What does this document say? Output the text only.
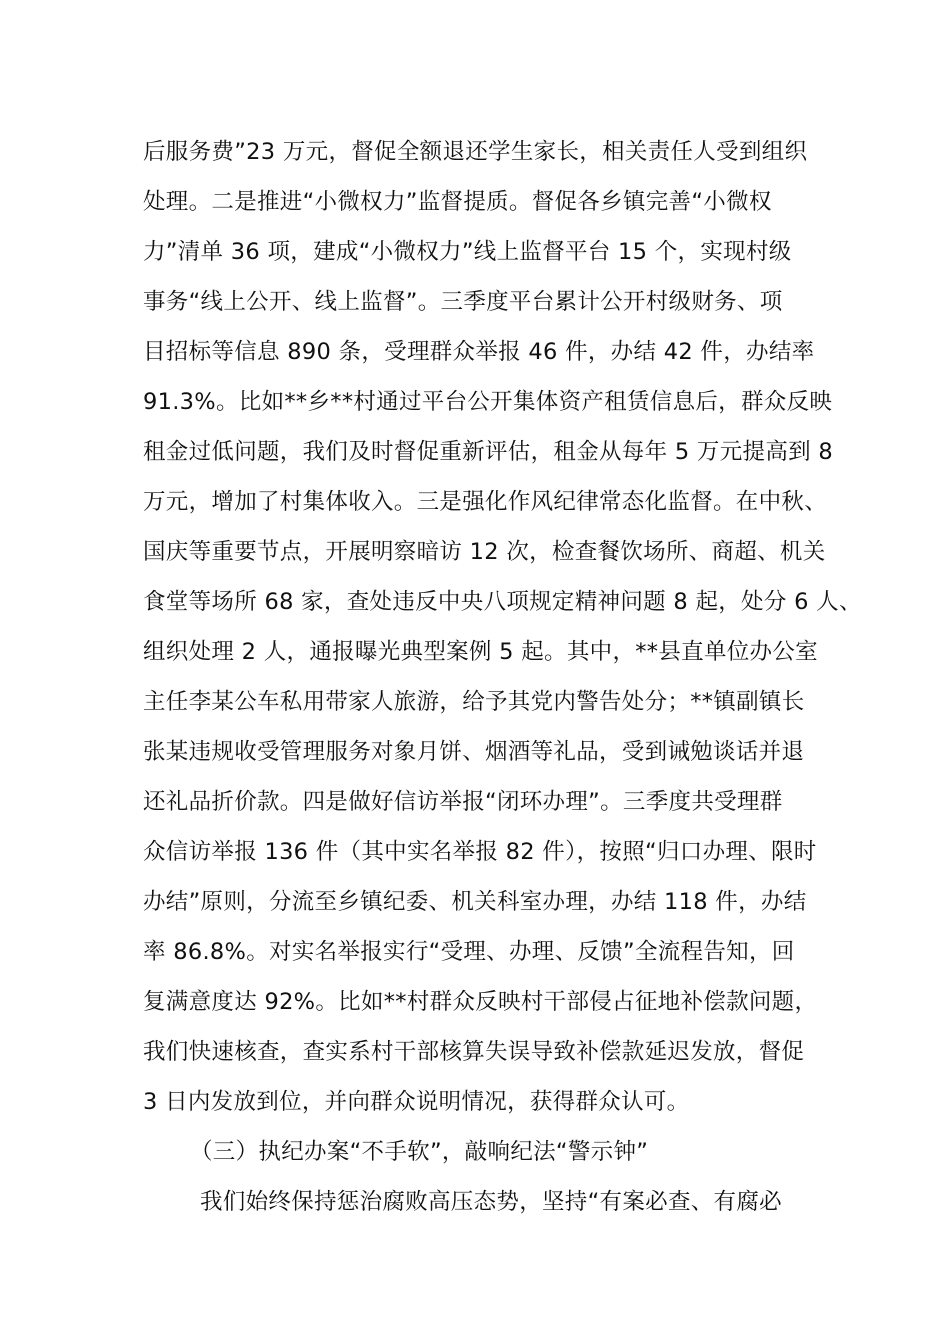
后服务费”23 万元，督促全额退还学生家长，相关责任人受到组织
处理。二是推进“小微权力”监督提质。督促各乡镇完善“小微权
力”清单 36 项，建成“小微权力”线上监督平台 15 个，实现村级
事务“线上公开、线上监督”。三季度平台累计公开村级财务、项
目招标等信息 890 条，受理群众举报 46 件，办结 42 件，办结率
91.3%。比如**乡**村通过平台公开集体资产租赁信息后，群众反映
租金过低问题，我们及时督促重新评估，租金从每年 5 万元提高到 8
万元，增加了村集体收入。三是强化作风纪律常态化监督。在中秋、
国庆等重要节点，开展明察暗访 12 次，检查餐饮场所、商超、机关
食堂等场所 68 家，查处违反中央八项规定精神问题 8 起，处分 6 人、
组织处理 2 人，通报曝光典型案例 5 起。其中，**县直单位办公室
主任李某公车私用带家人旅游，给予其党内警告处分；**镇副镇长
张某违规收受管理服务对象月饼、烟酒等礼品，受到诫勉谈话并退
还礼品折价款。四是做好信访举报“闭环办理”。三季度共受理群
众信访举报 136 件（其中实名举报 82 件），按照“归口办理、限时
办结”原则，分流至乡镇纪委、机关科室办理，办结 118 件，办结
率 86.8%。对实名举报实行“受理、办理、反馈”全流程告知，回
复满意度达 92%。比如**村群众反映村干部侵占征地补偿款问题，
我们快速核查，查实系村干部核算失误导致补偿款延迟发放，督促
3 日内发放到位，并向群众说明情况，获得群众认可。
（三）执纪办案“不手软”，敲响纪法“警示钟”
我们始终保持惩治腐败高压态势，坚持“有案必查、有腐必
